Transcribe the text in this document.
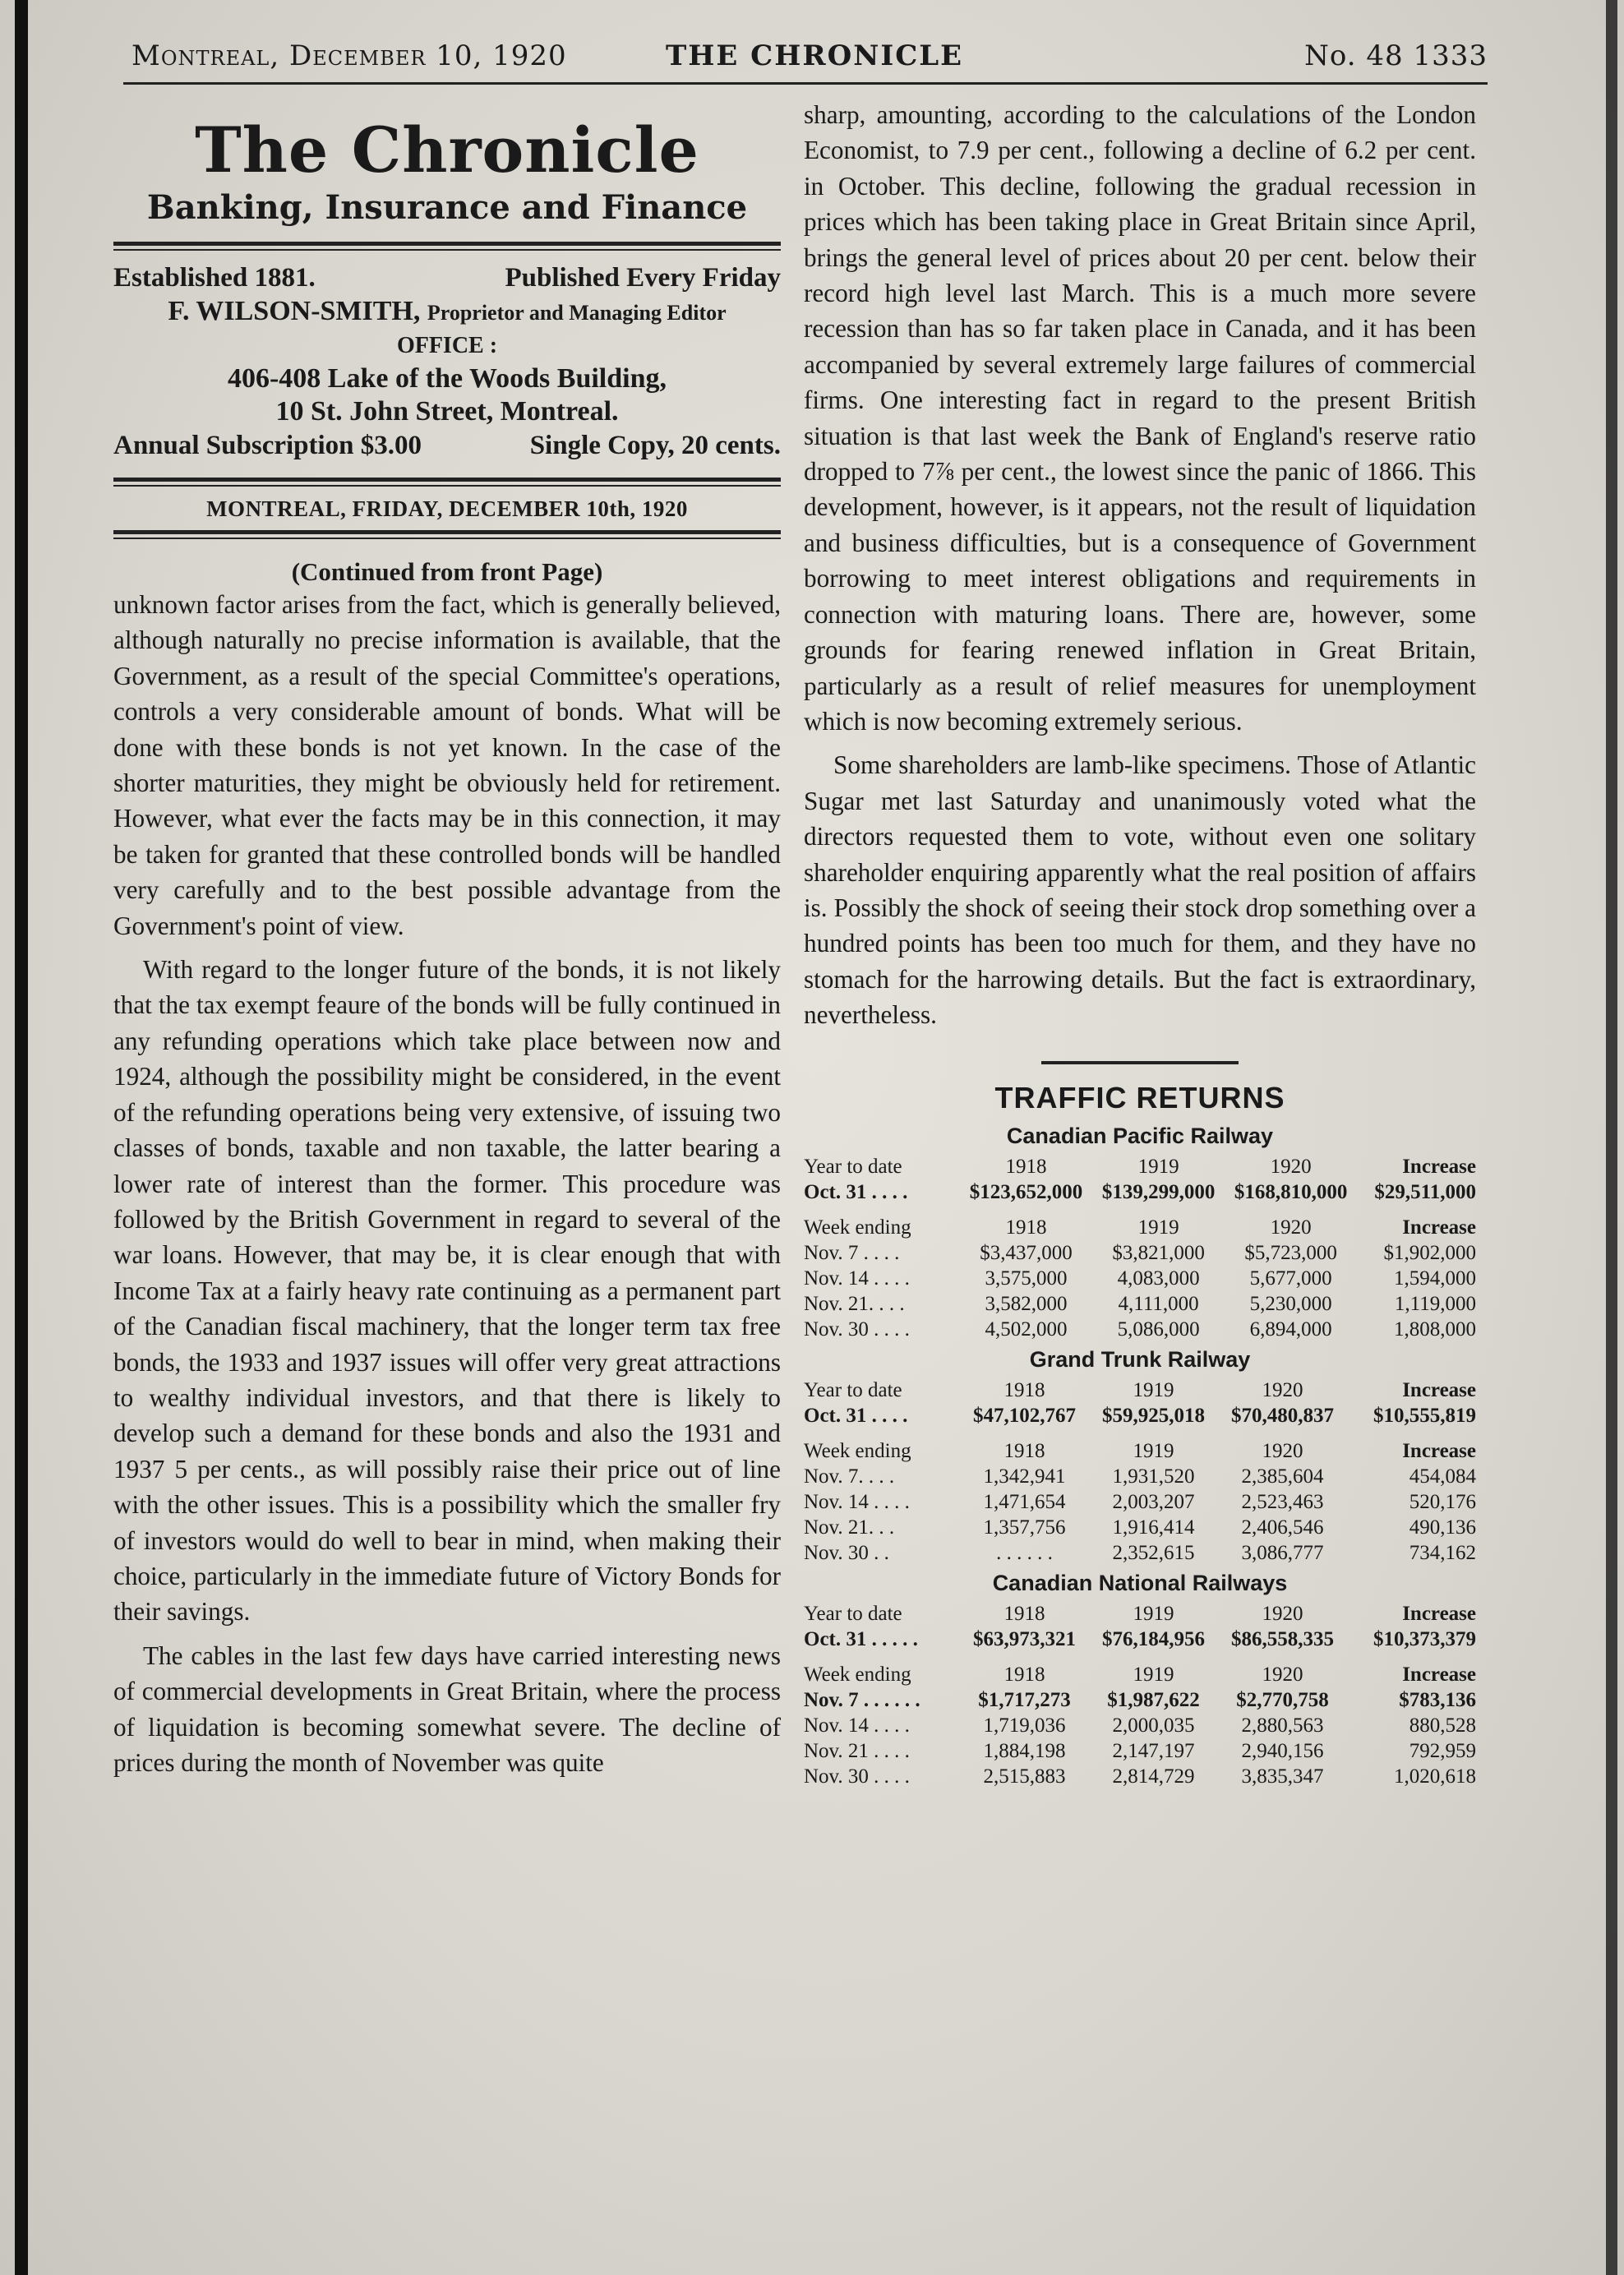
Montreal, December 10, 1920	THE CHRONICLE	No. 48 1333
The Chronicle
Banking, Insurance and Finance
Established 1881.	Published Every Friday
F. WILSON-SMITH, Proprietor and Managing Editor
OFFICE :
406-408 Lake of the Woods Building,
10 St. John Street, Montreal.
Annual Subscription $3.00	Single Copy, 20 cents.
MONTREAL, FRIDAY, DECEMBER 10th, 1920
(Continued from front Page)

unknown factor arises from the fact, which is generally believed, although naturally no precise information is available, that the Government, as a result of the special Committee's operations, controls a very considerable amount of bonds. What will be done with these bonds is not yet known. In the case of the shorter maturities, they might be obviously held for retirement. However, what ever the facts may be in this connection, it may be taken for granted that these controlled bonds will be handled very carefully and to the best possible advantage from the Government's point of view.

With regard to the longer future of the bonds, it is not likely that the tax exempt feaure of the bonds will be fully continued in any refunding operations which take place between now and 1924, although the possibility might be considered, in the event of the refunding operations being very extensive, of issuing two classes of bonds, taxable and non taxable, the latter bearing a lower rate of interest than the former. This procedure was followed by the British Government in regard to several of the war loans. However, that may be, it is clear enough that with Income Tax at a fairly heavy rate continuing as a permanent part of the Canadian fiscal machinery, that the longer term tax free bonds, the 1933 and 1937 issues will offer very great attractions to wealthy individual investors, and that there is likely to develop such a demand for these bonds and also the 1931 and 1937 5 per cents., as will possibly raise their price out of line with the other issues. This is a possibility which the smaller fry of investors would do well to bear in mind, when making their choice, particularly in the immediate future of Victory Bonds for their savings.

The cables in the last few days have carried interesting news of commercial developments in Great Britain, where the process of liquidation is becoming somewhat severe. The decline of prices during the month of November was quite

sharp, amounting, according to the calculations of the London Economist, to 7.9 per cent., following a decline of 6.2 per cent. in October. This decline, following the gradual recession in prices which has been taking place in Great Britain since April, brings the general level of prices about 20 per cent. below their record high level last March. This is a much more severe recession than has so far taken place in Canada, and it has been accompanied by several extremely large failures of commercial firms. One interesting fact in regard to the present British situation is that last week the Bank of England's reserve ratio dropped to 7⅞ per cent., the lowest since the panic of 1866. This development, however, is it appears, not the result of liquidation and business difficulties, but is a consequence of Government borrowing to meet interest obligations and requirements in connection with maturing loans. There are, however, some grounds for fearing renewed inflation in Great Britain, particularly as a result of relief measures for unemployment which is now becoming extremely serious.

Some shareholders are lamb-like specimens. Those of Atlantic Sugar met last Saturday and unanimously voted what the directors requested them to vote, without even one solitary shareholder enquiring apparently what the real position of affairs is. Possibly the shock of seeing their stock drop something over a hundred points has been too much for them, and they have no stomach for the harrowing details. But the fact is extraordinary, nevertheless.

TRAFFIC RETURNS
Canadian Pacific Railway
Year to date	1918	1919	1920	Increase
Oct. 31 . . . .	$123,652,000	$139,299,000	$168,810,000	$29,511,000
Week ending	1918	1919	1920	Increase
Nov. 7 . . . .	$3,437,000	$3,821,000	$5,723,000	$1,902,000
Nov. 14 . . . .	3,575,000	4,083,000	5,677,000	1,594,000
Nov. 21. . . .	3,582,000	4,111,000	5,230,000	1,119,000
Nov. 30 . . . .	4,502,000	5,086,000	6,894,000	1,808,000
Grand Trunk Railway
Year to date	1918	1919	1920	Increase
Oct. 31 . . . .	$47,102,767	$59,925,018	$70,480,837	$10,555,819
Week ending	1918	1919	1920	Increase
Nov. 7. . . .	1,342,941	1,931,520	2,385,604	454,084
Nov. 14 . . . .	1,471,654	2,003,207	2,523,463	520,176
Nov. 21. . .	1,357,756	1,916,414	2,406,546	490,136
Nov. 30 . .	. . . . . .	2,352,615	3,086,777	734,162
Canadian National Railways
Year to date	1918	1919	1920	Increase
Oct. 31 . . . . .	$63,973,321	$76,184,956	$86,558,335	$10,373,379
Week ending	1918	1919	1920	Increase
Nov. 7 . . . . . .	$1,717,273	$1,987,622	$2,770,758	$783,136
Nov. 14 . . . .	1,719,036	2,000,035	2,880,563	880,528
Nov. 21 . . . .	1,884,198	2,147,197	2,940,156	792,959
Nov. 30 . . . .	2,515,883	2,814,729	3,835,347	1,020,618
